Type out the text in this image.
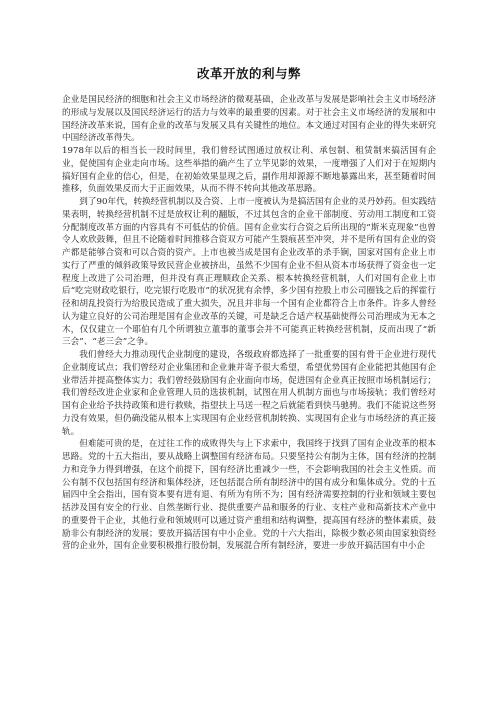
改革开放的利与弊

企业是国民经济的细胞和社会主义市场经济的微观基础，企业改革与发展是影响社会主义市场经济的形成与发展以及国民经济运行的活力与效率的最重要的因素。对于社会主义市场经济的发展和中国经济改革来说，国有企业的改革与发展又具有关键性的地位。本文通过对国有企业的得失来研究中国经济改革得失。

1978年以后的相当长一段时间里，我们曾经试图通过放权让利、承包制、租赁制来搞活国有企业，促使国有企业走向市场。这些举措的确产生了立竿见影的效果，一度增强了人们对于在短期内搞好国有企业的信心，但是，在初始效果显现之后，副作用却源源不断地暴露出来，甚至随着时间推移，负面效果反而大于正面效果，从而不得不转向其他改革思路。

到了90年代，转换经营机制以及合资、上市一度被认为是搞活国有企业的灵丹妙药。但实践结果表明，转换经营机制不过是放权让利的翻版，不过其包含的企业干部制度、劳动用工制度和工资分配制度改革方面的内容具有不可低估的价值。国有企业实行合资之后所出现的“斯米克现象”也曾令人欢欣鼓舞，但且不论随着时间推移合资双方可能产生裂痕甚至冲突，并不是所有国有企业的资产都是能够合资和可以合资的资产。上市也被当成是国有企业改革的杀手锏，国家对国有企业上市实行了严重的倾斜政策导致民营企业被挤出，虽然不少国有企业不但从资本市场获得了资金也一定程度上改进了公司治理，但并没有真正理顺政企关系、根本转换经营机制，人们对国有企业上市后“吃完财政吃银行，吃完银行吃股市”的状况犹有余悸，多少国有控股上市公司圈钱之后的挥霍行径和胡乱投资行为给股民造成了重大损失，况且并非每一个国有企业都符合上市条件。许多人曾经认为建立良好的公司治理是国有企业改革的关键，可是缺乏合适产权基础使得公司治理成为无本之木，仅仅建立一个耶伯有几个所谓独立董事的董事会并不可能真正转换经营机制，反而出现了“新三会”、“老三会”之争。

我们曾经大力推动现代企业制度的建设，各级政府都选择了一批重要的国有骨干企业进行现代企业制度试点；我们曾经对企业集团和企业兼并寄予很大希望，希望优势国有企业能把其他国有企业带活并提高整体实力；我们曾经鼓励国有企业面向市场，促进国有企业真正按照市场机制运行；我们曾经改进企业家和企业管理人员的选拔机制，试图在用人机制方面也与市场接轨；我们曾经对国有企业给予扶持政策和进行救赎，指望扶上马送一程之后就能看到快马驰骋。我们不能说这些努力没有效果，但仍确没能从根本上实现国有企业经营机制转换、实现国有企业与市场经济的真正接轨。

但难能可贵的是，在过往工作的成败得失与上下求索中，我国终于找到了国有企业改革的根本思路。党的十五大指出，要从战略上调整国有经济布局。只要坚持公有制为主体，国有经济的控制力和竞争力得到增强，在这个前提下，国有经济比重减少一些，不会影响我国的社会主义性质。而公有制不仅包括国有经济和集体经济，还包括混合所有制经济中的国有成分和集体成分。党的十五届四中全会指出，国有资本要有进有退、有所为有所不为；国有经济需要控制的行业和领域主要包括涉及国有安全的行业、自然垄断行业、提供重要产品和服务的行业、支柱产业和高新技术产业中的重要骨干企业，其他行业和领域则可以通过资产重组和结构调整，提高国有经济的整体素质，鼓励非公有制经济的发展；要放开搞活国有中小企业。党的十六大指出，除极少数必须由国家独资经营的企业外，国有企业要积极推行股份制，发展混合所有制经济，要进一步放开搞活国有中小企
